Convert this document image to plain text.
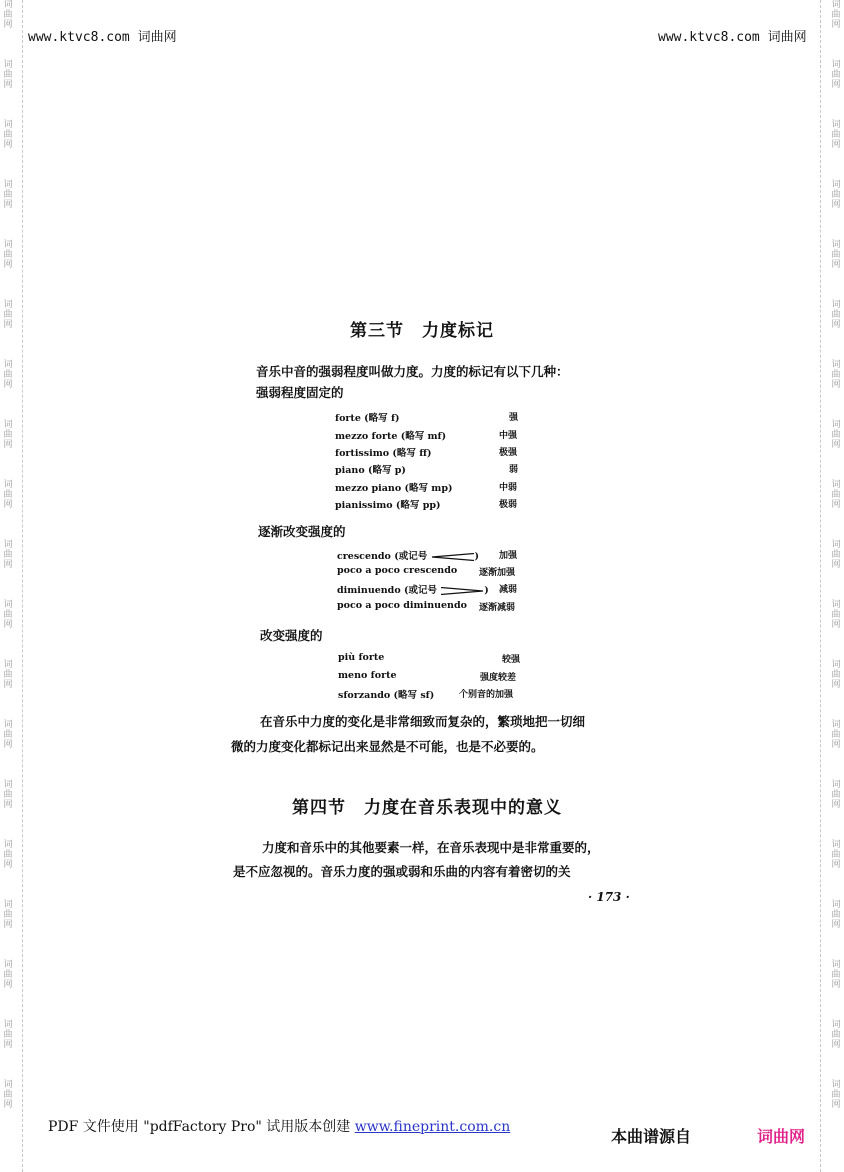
词
曲
网
词
曲
网
词
曲
网
词
曲
网
词
曲
网
词
曲
网
词
曲
网
词
曲
网
词
曲
网
词
曲
网
词
曲
网
词
曲
网
词
曲
网
词
曲
网
词
曲
网
词
曲
网
词
曲
网
词
曲
网
词
曲
网
词
曲
网
词
曲
网
词
曲
网
词
曲
网
词
曲
网
词
曲
网
词
曲
网
词
曲
网
词
曲
网
词
曲
网
词
曲
网
词
曲
网
词
曲
网
词
曲
网
词
曲
网
词
曲
网
词
曲
网
词
曲
网
词
曲
网
www.ktvc8.com 词曲网	www.ktvc8.com 词曲网
第三节　力度标记
音乐中音的强弱程度叫做力度。力度的标记有以下几种：
强弱程度固定的
forte (略写 f)	强
mezzo forte (略写 mf)	中强
fortissimo (略写 ff)	极强
piano (略写 p)	弱
mezzo piano (略写 mp)	中弱
pianissimo (略写 pp)	极弱
逐渐改变强度的
crescendo (或记号	) 加强
poco a poco crescendo 逐渐加强
diminuendo (或记号	) 减弱
poco a poco diminuendo 逐渐减弱
改变强度的
più forte	较强
meno forte	强度较差
sforzando (略写 sf)	个别音的加强
在音乐中力度的变化是非常细致而复杂的，繁琐地把一切细
微的力度变化都标记出来显然是不可能，也是不必要的。
第四节　力度在音乐表现中的意义
力度和音乐中的其他要素一样，在音乐表现中是非常重要的，
是不应忽视的。音乐力度的强或弱和乐曲的内容有着密切的关
· 173 ·
PDF 文件使用 "pdfFactory Pro" 试用版本创建 www.fineprint.com.cn	本曲谱源自	词曲网
